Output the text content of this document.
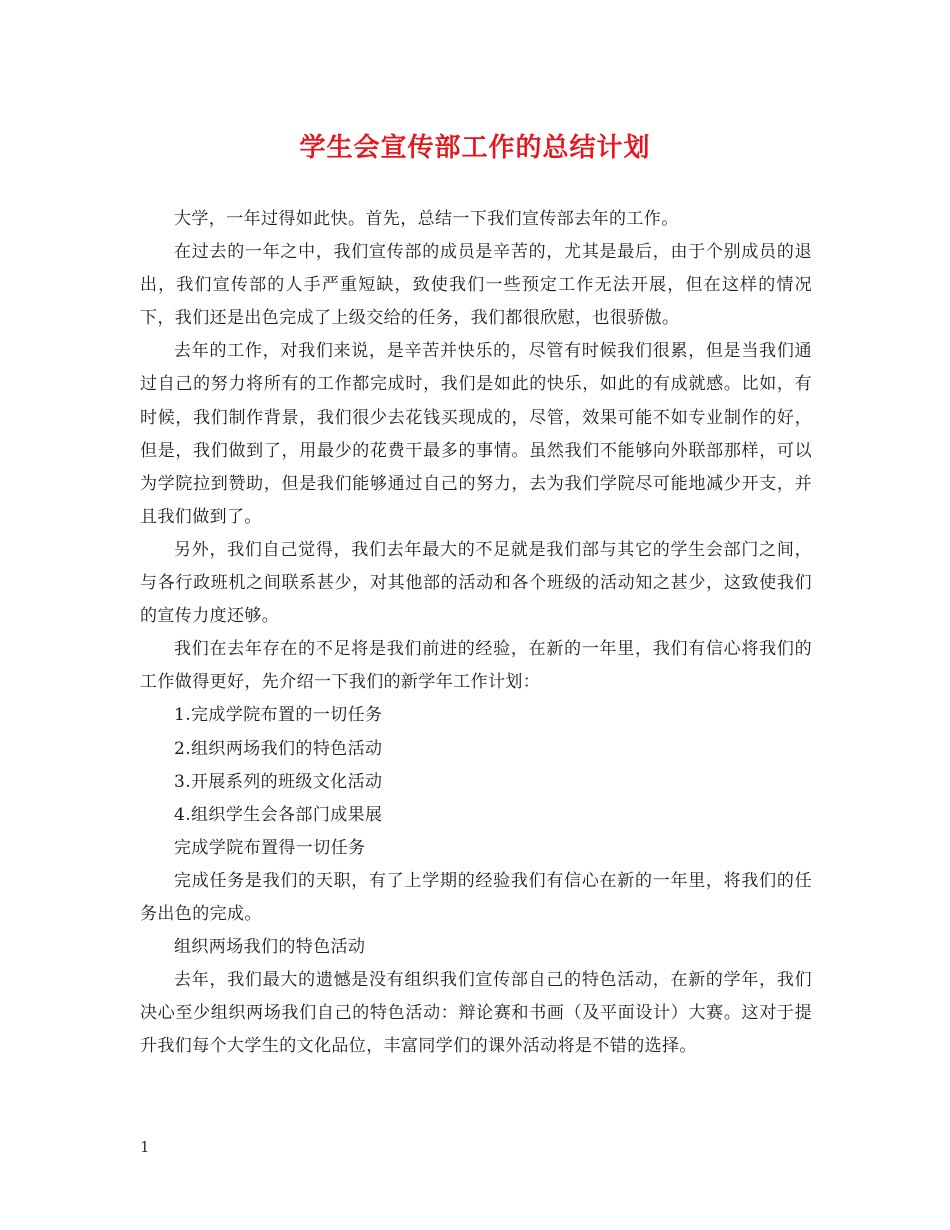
学生会宣传部工作的总结计划

大学，一年过得如此快。首先，总结一下我们宣传部去年的工作。

在过去的一年之中，我们宣传部的成员是辛苦的，尤其是最后，由于个别成员的退出，我们宣传部的人手严重短缺，致使我们一些预定工作无法开展，但在这样的情况下，我们还是出色完成了上级交给的任务，我们都很欣慰，也很骄傲。

去年的工作，对我们来说，是辛苦并快乐的，尽管有时候我们很累，但是当我们通过自己的努力将所有的工作都完成时，我们是如此的快乐，如此的有成就感。比如，有时候，我们制作背景，我们很少去花钱买现成的，尽管，效果可能不如专业制作的好，但是，我们做到了，用最少的花费干最多的事情。虽然我们不能够向外联部那样，可以为学院拉到赞助，但是我们能够通过自己的努力，去为我们学院尽可能地减少开支，并且我们做到了。

另外，我们自己觉得，我们去年最大的不足就是我们部与其它的学生会部门之间，与各行政班机之间联系甚少，对其他部的活动和各个班级的活动知之甚少，这致使我们的宣传力度还够。

我们在去年存在的不足将是我们前进的经验，在新的一年里，我们有信心将我们的工作做得更好，先介绍一下我们的新学年工作计划：

1.完成学院布置的一切任务

2.组织两场我们的特色活动

3.开展系列的班级文化活动

4.组织学生会各部门成果展

完成学院布置得一切任务

完成任务是我们的天职，有了上学期的经验我们有信心在新的一年里，将我们的任务出色的完成。

组织两场我们的特色活动

去年，我们最大的遗憾是没有组织我们宣传部自己的特色活动，在新的学年，我们决心至少组织两场我们自己的特色活动：辩论赛和书画（及平面设计）大赛。这对于提升我们每个大学生的文化品位，丰富同学们的课外活动将是不错的选择。

1
